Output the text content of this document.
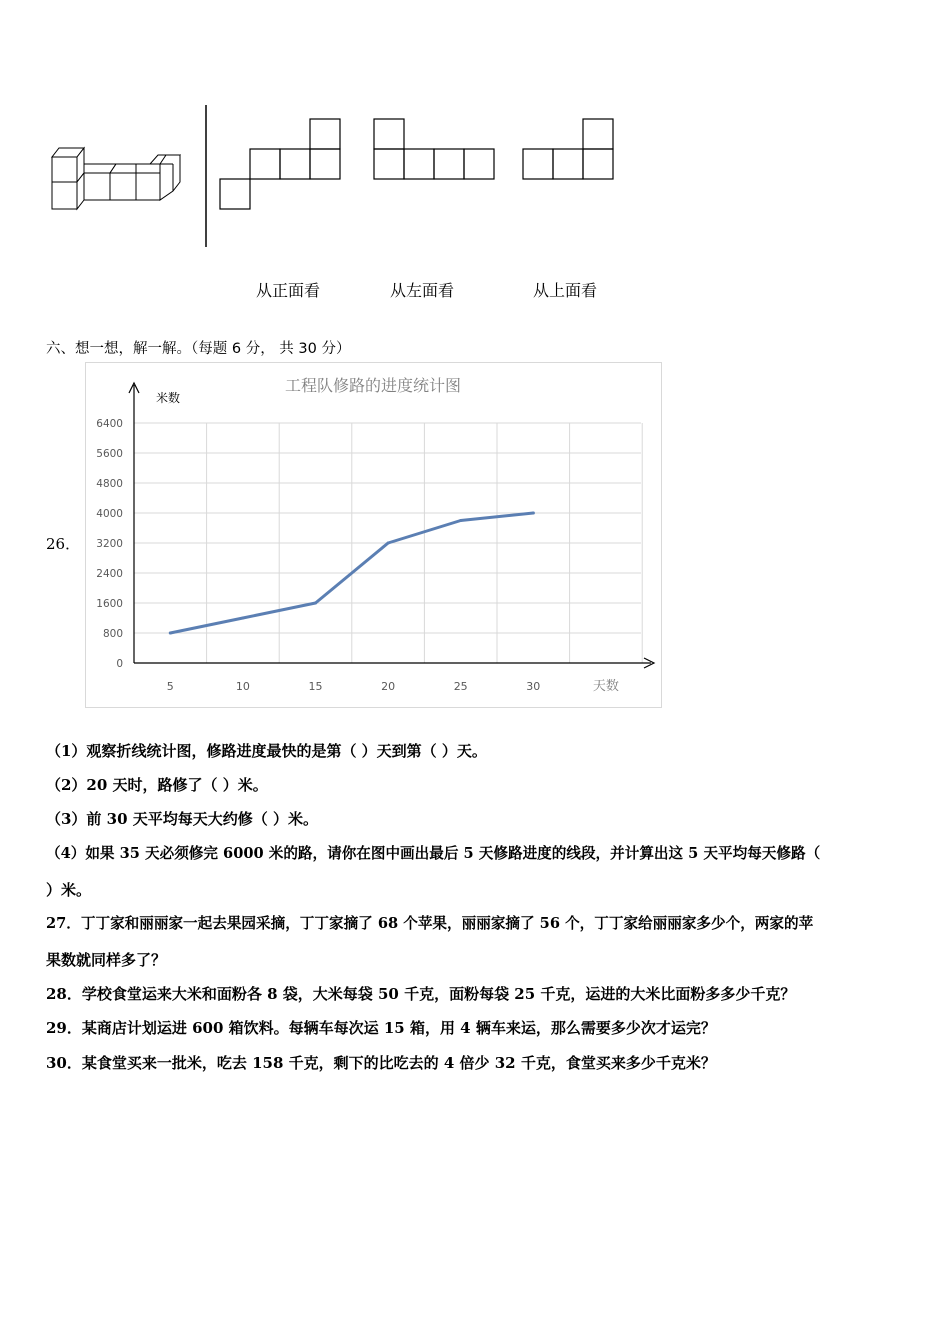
从正面看	从左面看	从上面看
六、想一想，解一解。（每题 6 分， 共 30 分）
26．
工程队修路的进度统计图
米数
0
800
1600
2400
3200
4000
4800
5600
6400
5	10	15	20	25	30	天数
（1）观察折线统计图，修路进度最快的是第（ ）天到第（ ）天。
（2）20 天时，路修了（ ）米。
（3）前 30 天平均每天大约修（ ）米。
（4）如果 35 天必须修完 6000 米的路，请你在图中画出最后 5 天修路进度的线段，并计算出这 5 天平均每天修路（
）米。
27．丁丁家和丽丽家一起去果园采摘，丁丁家摘了 68 个苹果，丽丽家摘了 56 个，丁丁家给丽丽家多少个，两家的苹
果数就同样多了？
28．学校食堂运来大米和面粉各 8 袋，大米每袋 50 千克，面粉每袋 25 千克，运进的大米比面粉多多少千克？
29．某商店计划运进 600 箱饮料。每辆车每次运 15 箱，用 4 辆车来运，那么需要多少次才运完？
30．某食堂买来一批米，吃去 158 千克，剩下的比吃去的 4 倍少 32 千克，食堂买来多少千克米？
